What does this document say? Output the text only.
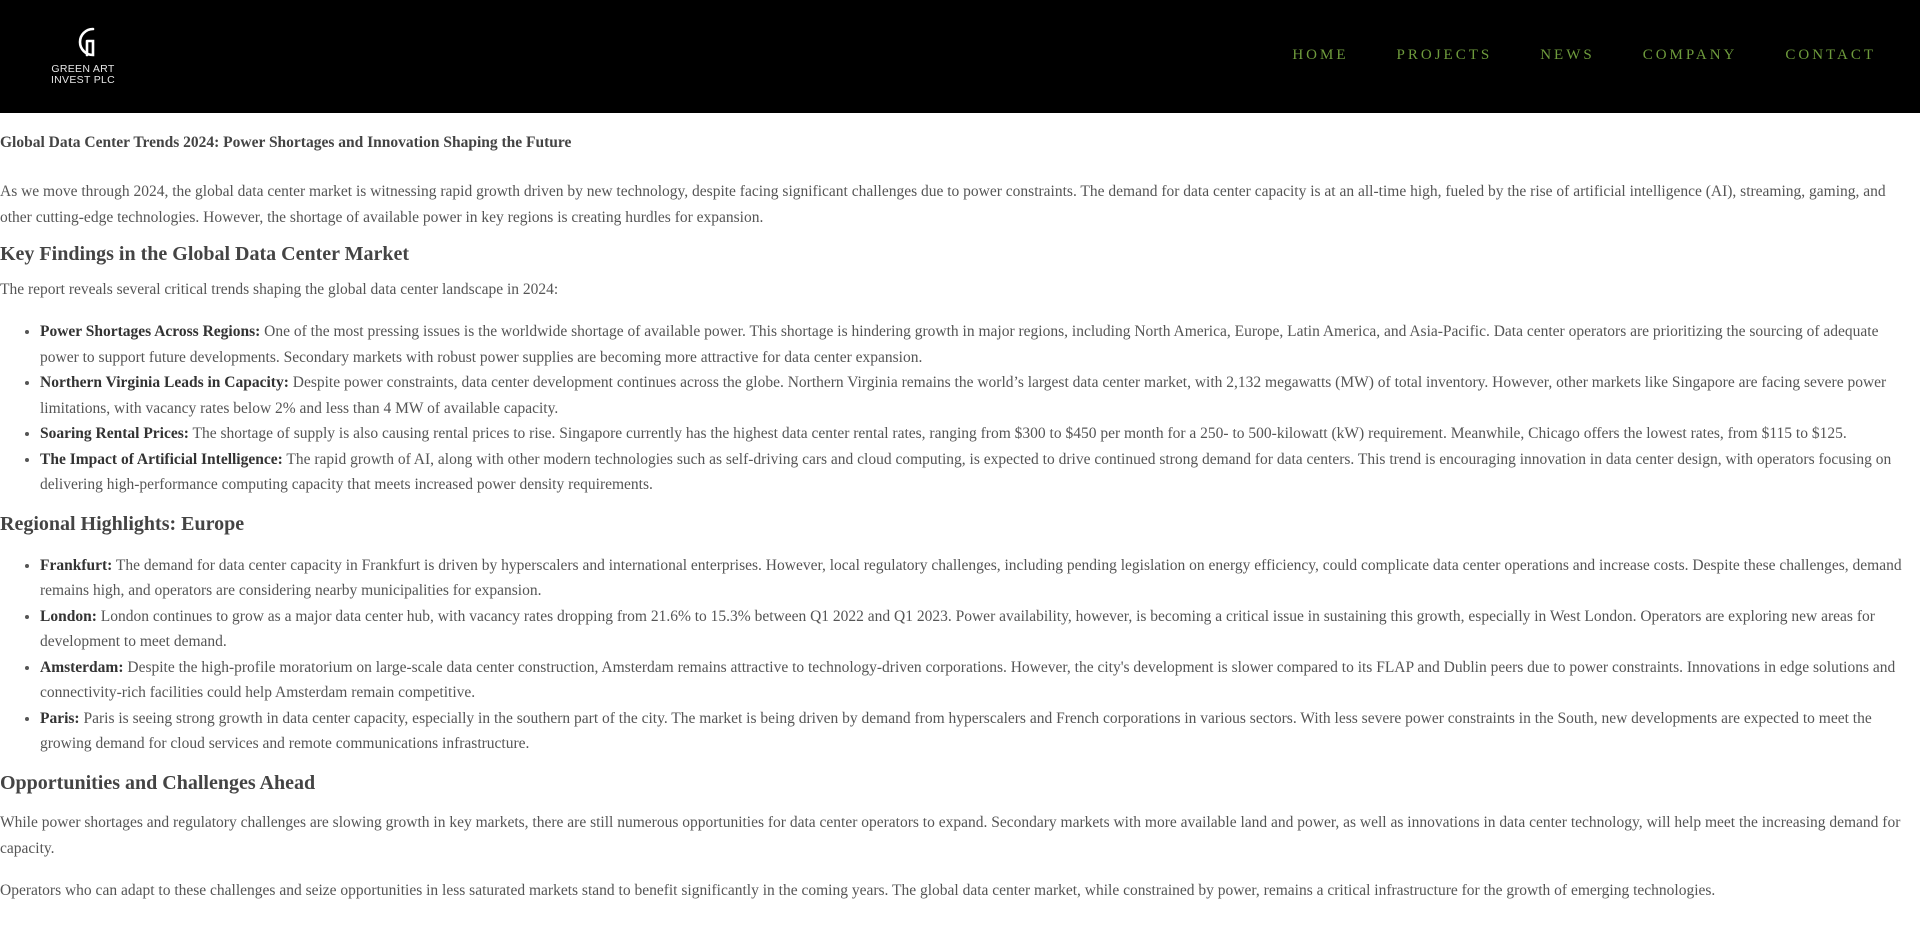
GREEN ART
INVEST PLC
HOME	PROJECTS	NEWS	COMPANY	CONTACT
Global Data Center Trends 2024: Power Shortages and Innovation Shaping the Future

As we move through 2024, the global data center market is witnessing rapid growth driven by new technology, despite facing significant challenges due to power constraints. The demand for data center capacity is at an all-time high, fueled by the rise of artificial intelligence (AI), streaming, gaming, and other cutting-edge technologies. However, the shortage of available power in key regions is creating hurdles for expansion.

Key Findings in the Global Data Center Market

The report reveals several critical trends shaping the global data center landscape in 2024:

• Power Shortages Across Regions: One of the most pressing issues is the worldwide shortage of available power. This shortage is hindering growth in major regions, including North America, Europe, Latin America, and Asia-Pacific. Data center operators are prioritizing the sourcing of adequate power to support future developments. Secondary markets with robust power supplies are becoming more attractive for data center expansion.
• Northern Virginia Leads in Capacity: Despite power constraints, data center development continues across the globe. Northern Virginia remains the world’s largest data center market, with 2,132 megawatts (MW) of total inventory. However, other markets like Singapore are facing severe power limitations, with vacancy rates below 2% and less than 4 MW of available capacity.
• Soaring Rental Prices: The shortage of supply is also causing rental prices to rise. Singapore currently has the highest data center rental rates, ranging from $300 to $450 per month for a 250- to 500-kilowatt (kW) requirement. Meanwhile, Chicago offers the lowest rates, from $115 to $125.
• The Impact of Artificial Intelligence: The rapid growth of AI, along with other modern technologies such as self-driving cars and cloud computing, is expected to drive continued strong demand for data centers. This trend is encouraging innovation in data center design, with operators focusing on delivering high-performance computing capacity that meets increased power density requirements.
Regional Highlights: Europe
• Frankfurt: The demand for data center capacity in Frankfurt is driven by hyperscalers and international enterprises. However, local regulatory challenges, including pending legislation on energy efficiency, could complicate data center operations and increase costs. Despite these challenges, demand remains high, and operators are considering nearby municipalities for expansion.
• London: London continues to grow as a major data center hub, with vacancy rates dropping from 21.6% to 15.3% between Q1 2022 and Q1 2023. Power availability, however, is becoming a critical issue in sustaining this growth, especially in West London. Operators are exploring new areas for development to meet demand.
• Amsterdam: Despite the high-profile moratorium on large-scale data center construction, Amsterdam remains attractive to technology-driven corporations. However, the city's development is slower compared to its FLAP and Dublin peers due to power constraints. Innovations in edge solutions and connectivity-rich facilities could help Amsterdam remain competitive.
• Paris: Paris is seeing strong growth in data center capacity, especially in the southern part of the city. The market is being driven by demand from hyperscalers and French corporations in various sectors. With less severe power constraints in the South, new developments are expected to meet the growing demand for cloud services and remote communications infrastructure.
Opportunities and Challenges Ahead

While power shortages and regulatory challenges are slowing growth in key markets, there are still numerous opportunities for data center operators to expand. Secondary markets with more available land and power, as well as innovations in data center technology, will help meet the increasing demand for capacity.

Operators who can adapt to these challenges and seize opportunities in less saturated markets stand to benefit significantly in the coming years. The global data center market, while constrained by power, remains a critical infrastructure for the growth of emerging technologies.
